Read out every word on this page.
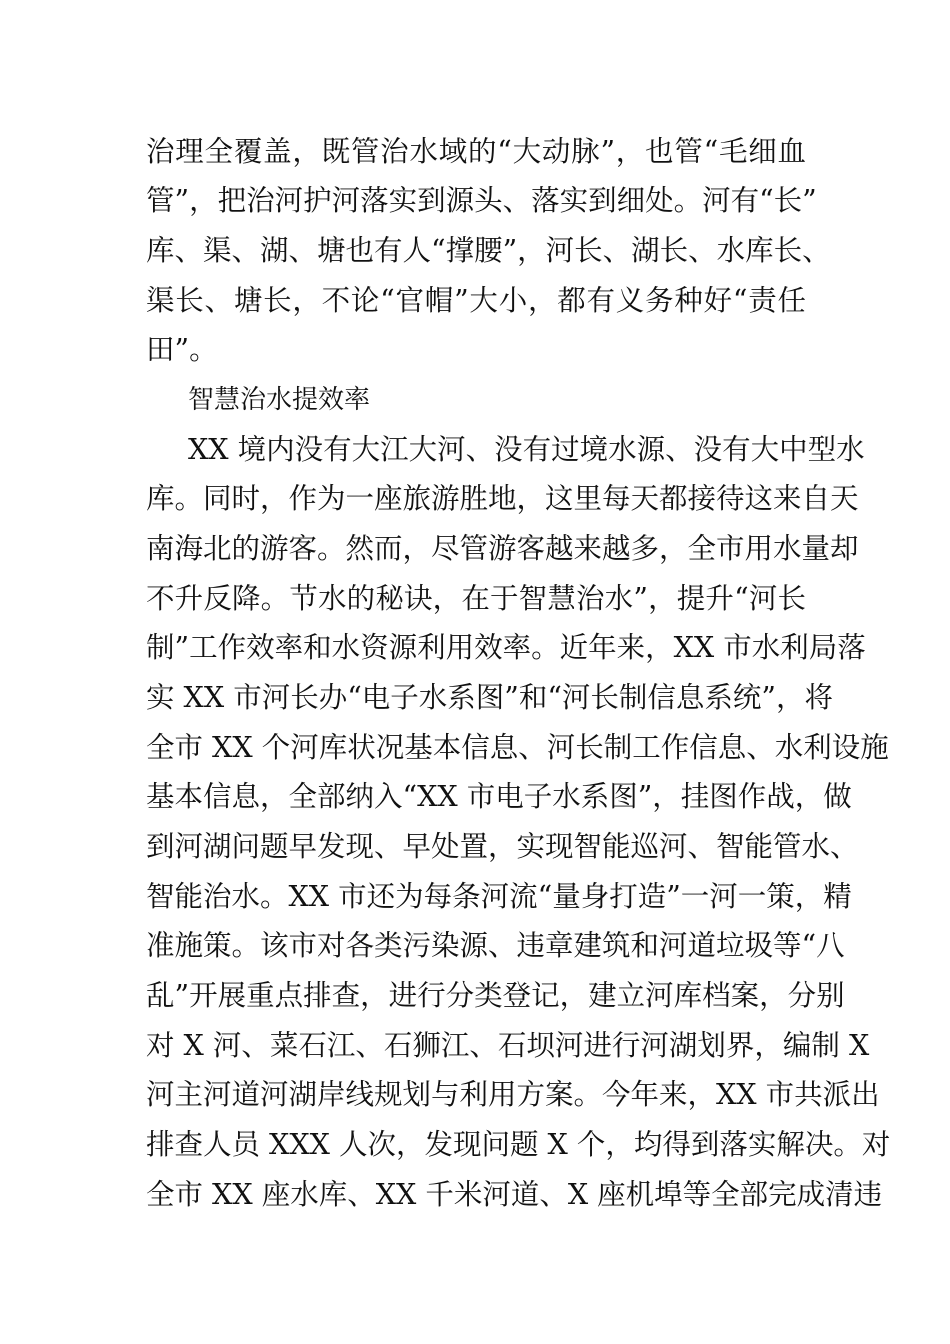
治理全覆盖，既管治水域的“大动脉”，也管“毛细血
管”，把治河护河落实到源头、落实到细处。河有“长”
库、渠、湖、塘也有人“撑腰”，河长、湖长、水库长、
渠长、塘长，不论“官帽”大小，都有义务种好“责任
田”。
智慧治水提效率
XX 境内没有大江大河、没有过境水源、没有大中型水
库。同时，作为一座旅游胜地，这里每天都接待这来自天
南海北的游客。然而，尽管游客越来越多，全市用水量却
不升反降。节水的秘诀，在于智慧治水”，提升“河长
制”工作效率和水资源利用效率。近年来，XX 市水利局落
实 XX 市河长办“电子水系图”和“河长制信息系统”，将
全市 XX 个河库状况基本信息、河长制工作信息、水利设施
基本信息，全部纳入“XX 市电子水系图”，挂图作战，做
到河湖问题早发现、早处置，实现智能巡河、智能管水、
智能治水。XX 市还为每条河流“量身打造”一河一策，精
准施策。该市对各类污染源、违章建筑和河道垃圾等“八
乱”开展重点排查，进行分类登记，建立河库档案，分别
对 X 河、菜石江、石狮江、石坝河进行河湖划界，编制 X
河主河道河湖岸线规划与利用方案。今年来，XX 市共派出
排查人员 XXX 人次，发现问题 X 个，均得到落实解决。对
全市 XX 座水库、XX 千米河道、X 座机埠等全部完成清违
